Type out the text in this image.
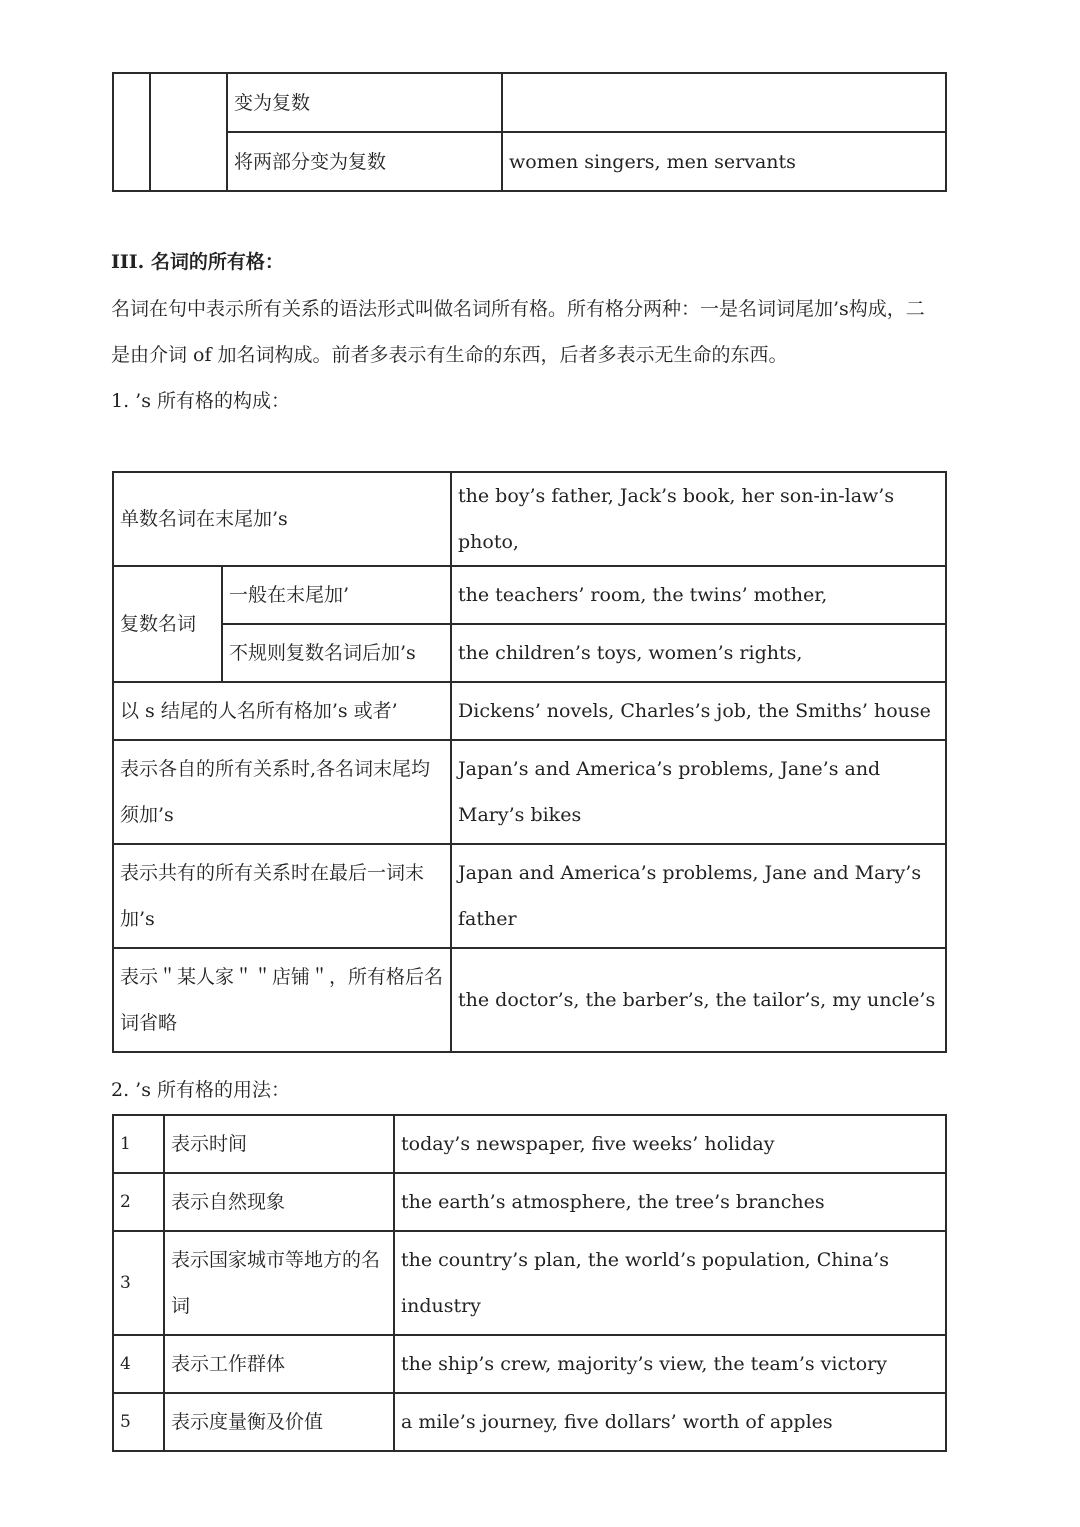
		变为复数	
		将两部分变为复数	women singers, men servants
III. 名词的所有格：
名词在句中表示所有关系的语法形式叫做名词所有格。所有格分两种：一是名词词尾加’s构成，二是由介词 of 加名词构成。前者多表示有生命的东西，后者多表示无生命的东西。
1. ’s 所有格的构成：
单数名词在末尾加’s		the boy’s father, Jack’s book, her son-in-law’s photo,
复数名词	一般在末尾加’	the teachers’ room, the twins’ mother,
	不规则复数名词后加’s	the children’s toys, women’s rights,
以 s 结尾的人名所有格加’s 或者’		Dickens’ novels, Charles’s job, the Smiths’ house
表示各自的所有关系时,各名词末尾均须加’s		Japan’s and America’s problems, Jane’s and Mary’s bikes
表示共有的所有关系时在最后一词末加’s		Japan and America’s problems, Jane and Mary’s father
表示＂某人家＂＂店铺＂，所有格后名词省略		the doctor’s, the barber’s, the tailor’s, my uncle’s
2. ’s 所有格的用法：
1	表示时间	today’s newspaper, five weeks’ holiday
2	表示自然现象	the earth’s atmosphere, the tree’s branches
3	表示国家城市等地方的名词	the country’s plan, the world’s population, China’s industry
4	表示工作群体	the ship’s crew, majority’s view, the team’s victory
5	表示度量衡及价值	a mile’s journey, five dollars’ worth of apples
